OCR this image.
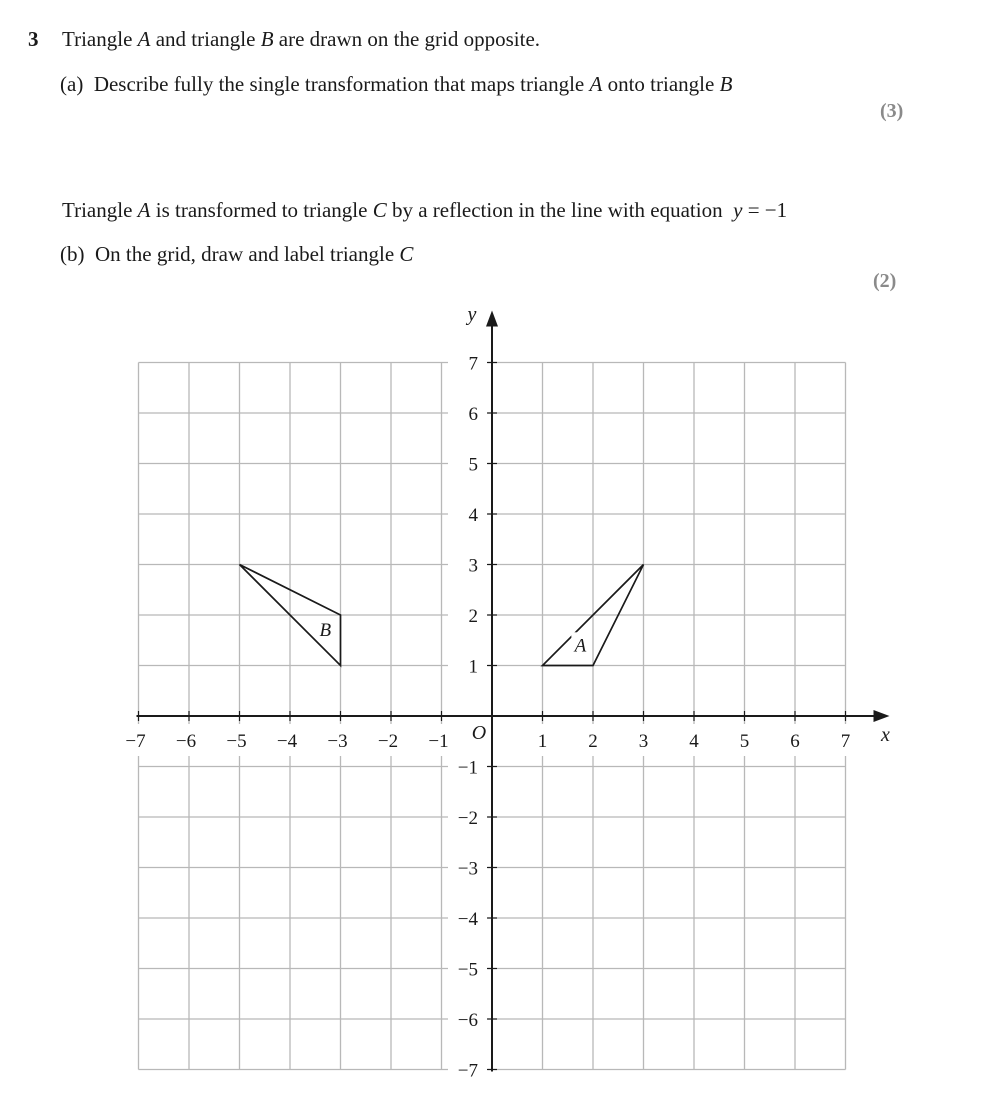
3 Triangle A and triangle B are drawn on the grid opposite.
(a) Describe fully the single transformation that maps triangle A onto triangle B
(3)
Triangle A is transformed to triangle C by a reflection in the line with equation  y = −1
(b) On the grid, draw and label triangle C
(2)
−7 −6 −5 −4 −3 −2 −1	1 2 3 4 5 6 7
7
6
5
4
3
2
1
−1
−2
−3
−4
−5
−6
−7
x
y
O
A
B
